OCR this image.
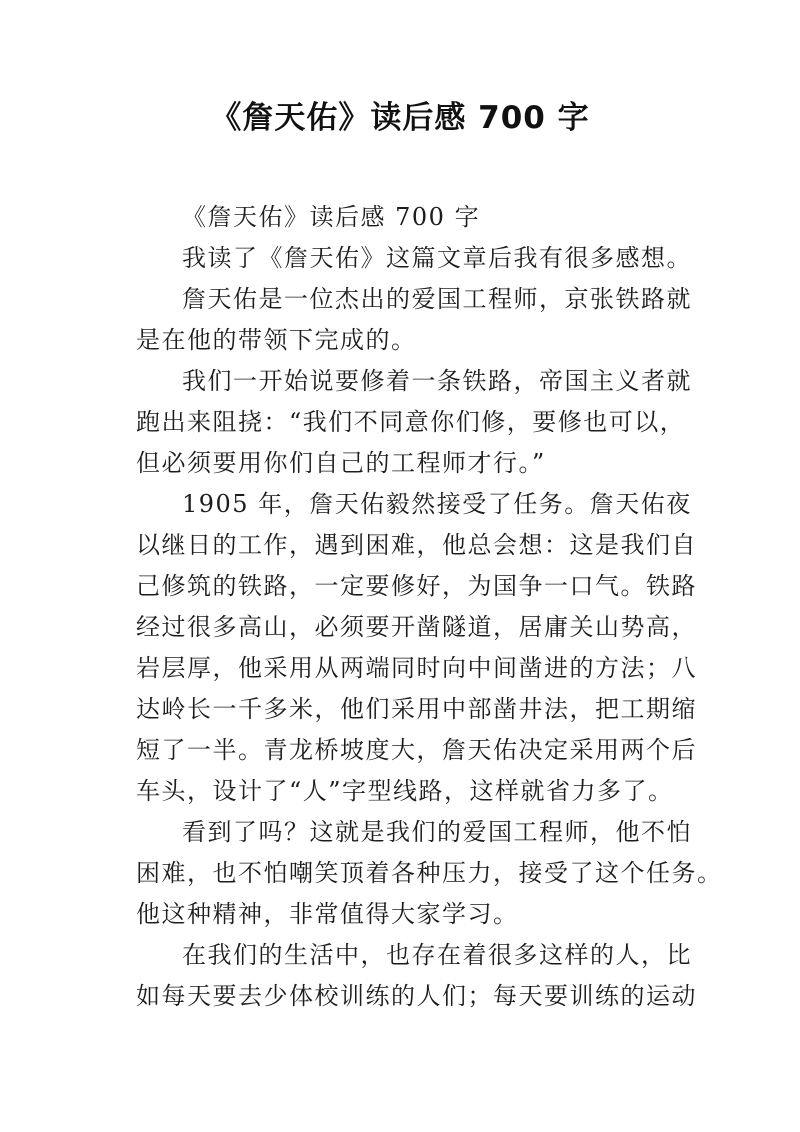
《詹天佑》读后感 700 字
《詹天佑》读后感 700 字
我读了《詹天佑》这篇文章后我有很多感想。
詹天佑是一位杰出的爱国工程师，京张铁路就
是在他的带领下完成的。
我们一开始说要修着一条铁路，帝国主义者就
跑出来阻挠：“我们不同意你们修，要修也可以，
但必须要用你们自己的工程师才行。”
1905 年，詹天佑毅然接受了任务。詹天佑夜
以继日的工作，遇到困难，他总会想：这是我们自
己修筑的铁路，一定要修好，为国争一口气。铁路
经过很多高山，必须要开凿隧道，居庸关山势高，
岩层厚，他采用从两端同时向中间凿进的方法；八
达岭长一千多米，他们采用中部凿井法，把工期缩
短了一半。青龙桥坡度大，詹天佑决定采用两个后
车头，设计了“人”字型线路，这样就省力多了。
看到了吗？这就是我们的爱国工程师，他不怕
困难，也不怕嘲笑顶着各种压力，接受了这个任务。
他这种精神，非常值得大家学习。
在我们的生活中，也存在着很多这样的人，比
如每天要去少体校训练的人们；每天要训练的运动
